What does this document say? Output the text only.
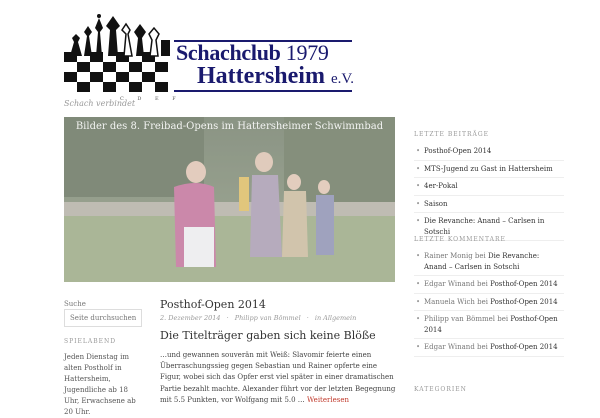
Schachclub 1979
Hattersheim e.V.
C D E F
Schach verbindet
Bilder des 8. Freibad-Opens im Hattersheimer Schwimmbad
Suche
Seite durchsuchen
SPIELABEND
Jeden Dienstag im alten Postholf in Hattersheim, Jugendliche ab 18 Uhr, Erwachsene ab 20 Uhr.
Posthof-Open 2014
2. Dezember 2014 · Philipp van Bömmel · in Allgemein
Die Titelträger gaben sich keine Blöße
…und gewannen souverän mit Weiß: Slavomir feierte einen Überraschungssieg gegen Sebastian und Rainer opferte eine Figur, wobei sich das Opfer erst viel später in einer dramatischen Partie bezahlt machte. Alexander führt vor der letzten Begegnung mit 5.5 Punkten, vor Wolfgang mit 5.0 … Weiterlesen
LETZTE BEITRÄGE
• Posthof-Open 2014
• MTS-Jugend zu Gast in Hattersheim
• 4er-Pokal
• Saison
• Die Revanche: Anand – Carlsen in Sotschi
LETZTE KOMMENTARE
• Rainer Monig bei Die Revanche: Anand – Carlsen in Sotschi
• Edgar Winand bei Posthof-Open 2014
• Manuela Wich bei Posthof-Open 2014
• Philipp van Bömmel bei Posthof-Open 2014
• Edgar Winand bei Posthof-Open 2014
KATEGORIEN
